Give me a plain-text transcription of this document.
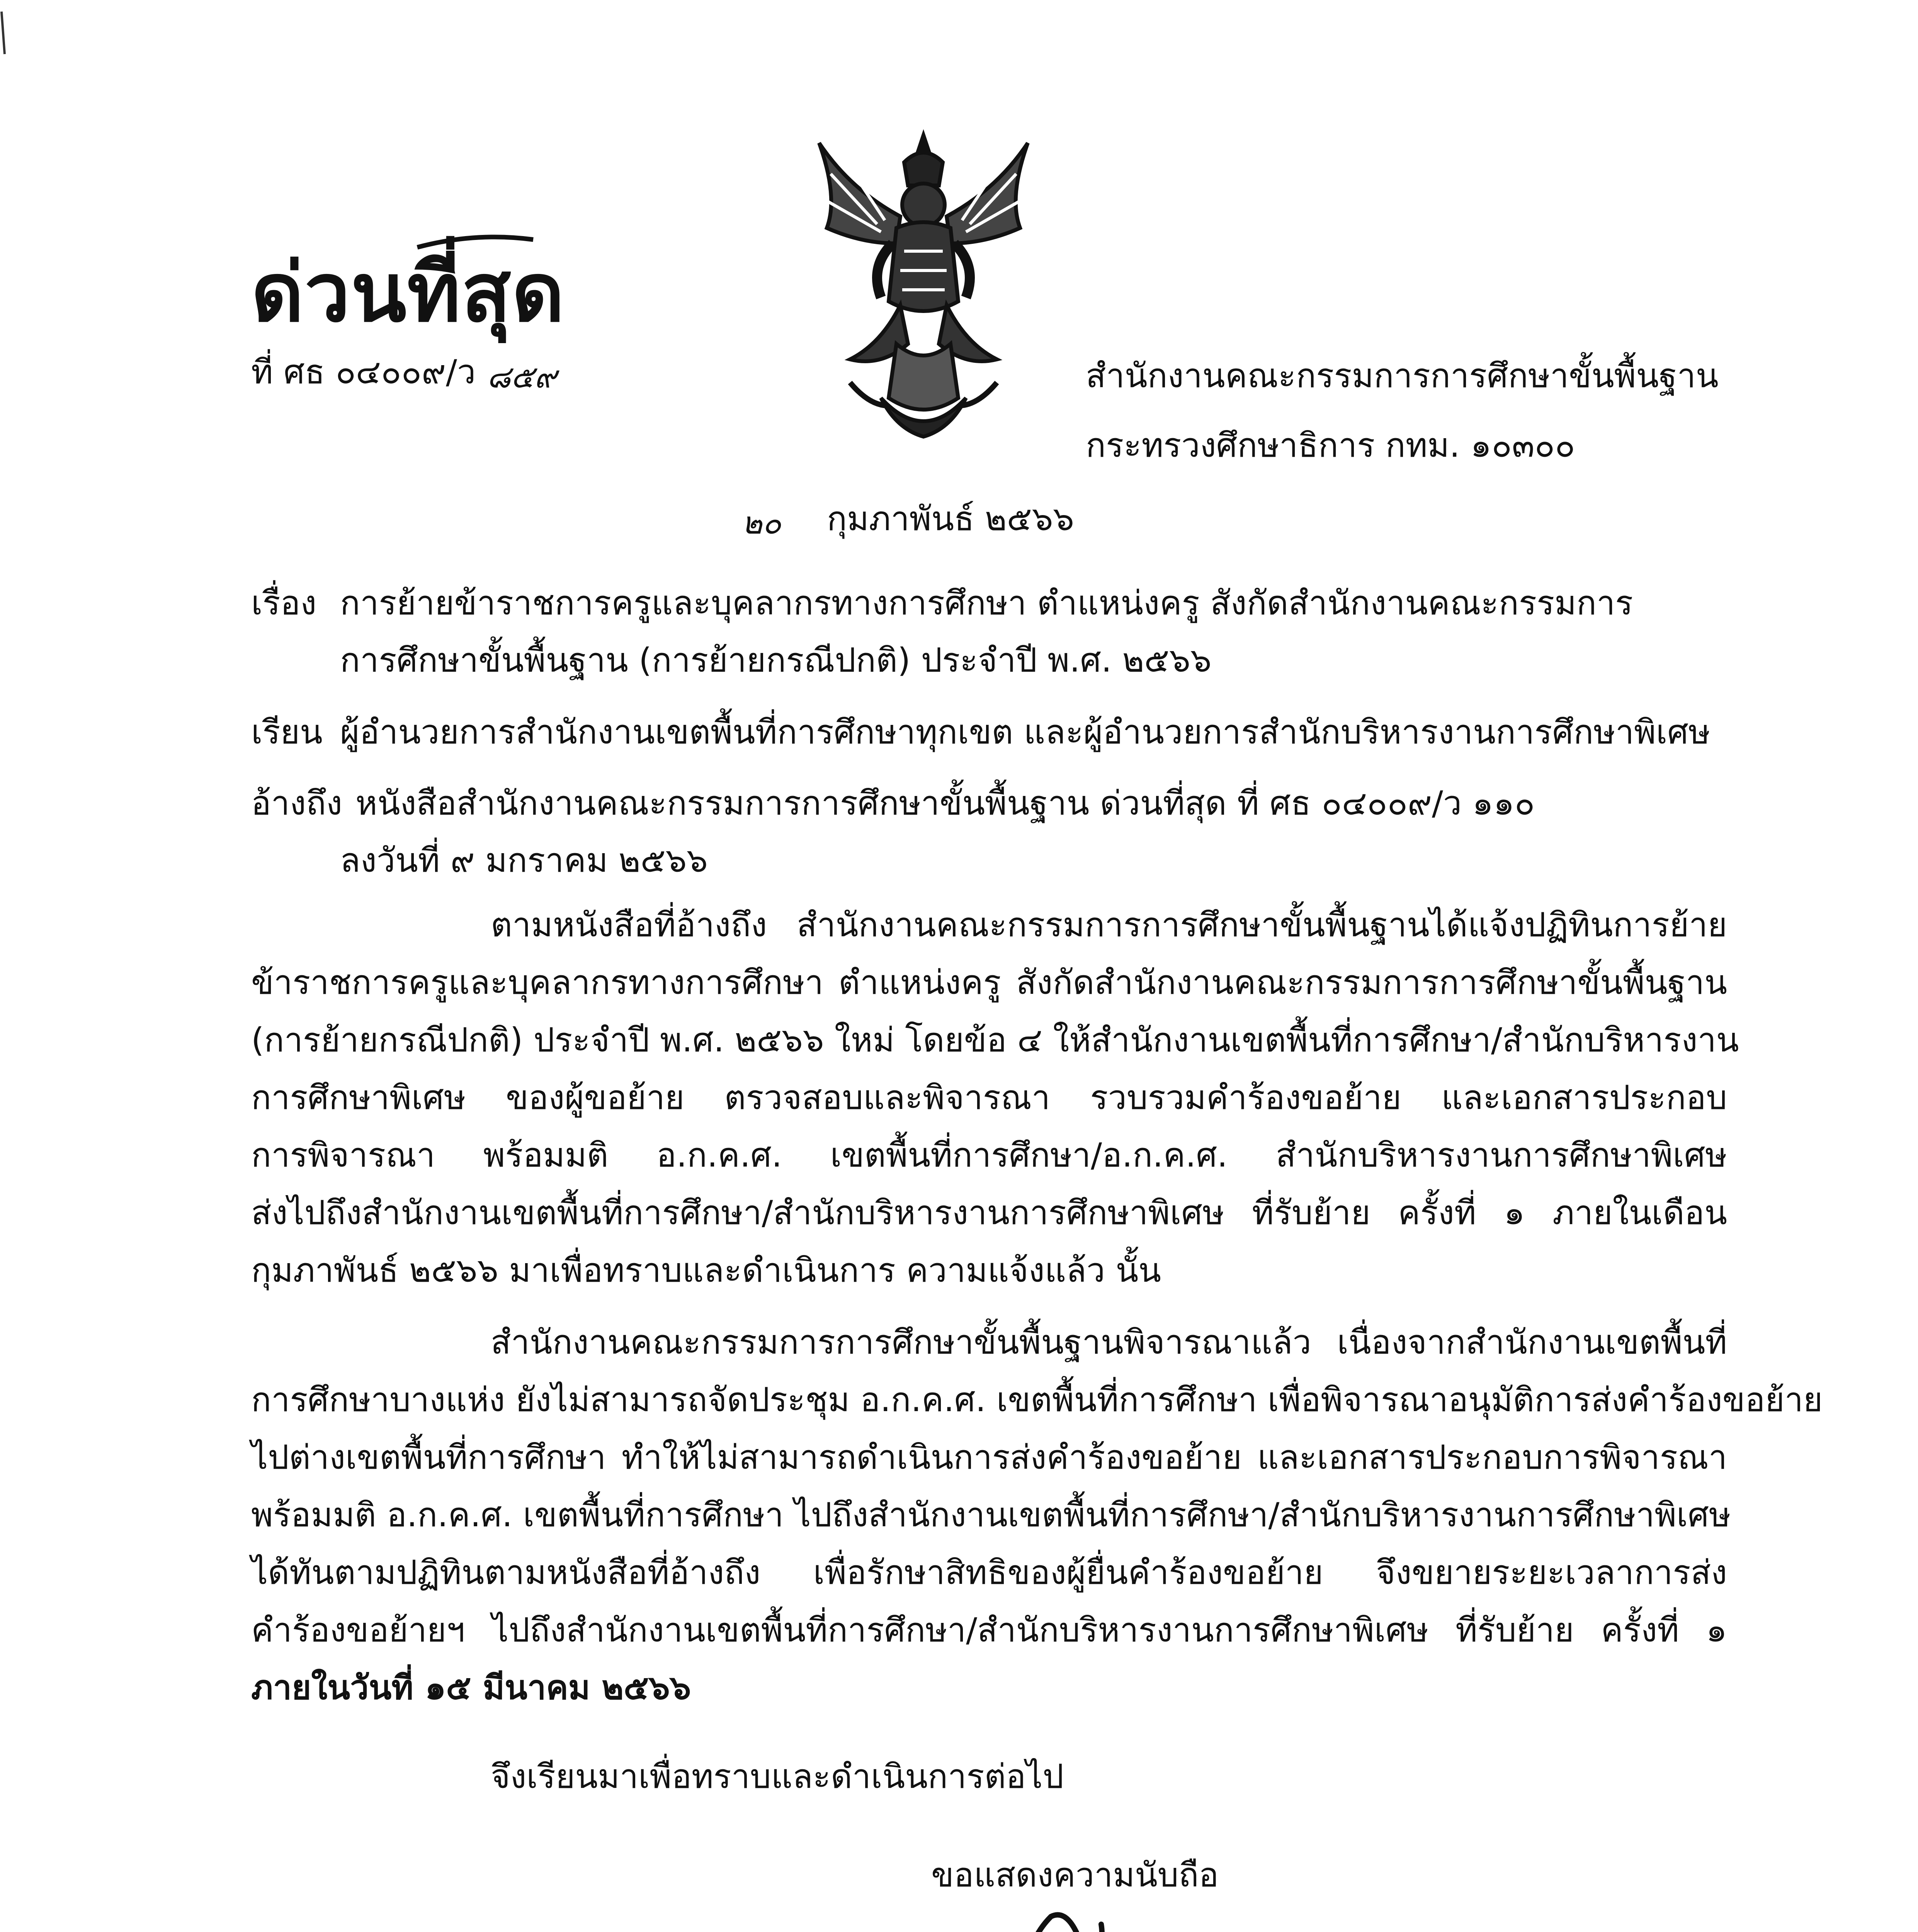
ด่วนที่สุด
ที่ ศธ ๐๔๐๐๙/ว ๘๕๙	สำนักงานคณะกรรมการการศึกษาขั้นพื้นฐาน
กระทรวงศึกษาธิการ กทม. ๑๐๓๐๐
๒๐ กุมภาพันธ์ ๒๕๖๖
เรื่อง การย้ายข้าราชการครูและบุคลากรทางการศึกษา ตำแหน่งครู สังกัดสำนักงานคณะกรรมการ
การศึกษาขั้นพื้นฐาน (การย้ายกรณีปกติ) ประจำปี พ.ศ. ๒๕๖๖
เรียน ผู้อำนวยการสำนักงานเขตพื้นที่การศึกษาทุกเขต และผู้อำนวยการสำนักบริหารงานการศึกษาพิเศษ
อ้างถึง หนังสือสำนักงานคณะกรรมการการศึกษาขั้นพื้นฐาน ด่วนที่สุด ที่ ศธ ๐๔๐๐๙/ว ๑๑๐
ลงวันที่ ๙ มกราคม ๒๕๖๖
ตามหนังสือที่อ้างถึง สำนักงานคณะกรรมการการศึกษาขั้นพื้นฐานได้แจ้งปฏิทินการย้าย
ข้าราชการครูและบุคลากรทางการศึกษา ตำแหน่งครู สังกัดสำนักงานคณะกรรมการการศึกษาขั้นพื้นฐาน
(การย้ายกรณีปกติ) ประจำปี พ.ศ. ๒๕๖๖ ใหม่ โดยข้อ ๔ ให้สำนักงานเขตพื้นที่การศึกษา/สำนักบริหารงาน
การศึกษาพิเศษ ของผู้ขอย้าย ตรวจสอบและพิจารณา รวบรวมคำร้องขอย้าย และเอกสารประกอบ
การพิจารณา พร้อมมติ อ.ก.ค.ศ. เขตพื้นที่การศึกษา/อ.ก.ค.ศ. สำนักบริหารงานการศึกษาพิเศษ
ส่งไปถึงสำนักงานเขตพื้นที่การศึกษา/สำนักบริหารงานการศึกษาพิเศษ ที่รับย้าย ครั้งที่ ๑ ภายในเดือน
กุมภาพันธ์ ๒๕๖๖ มาเพื่อทราบและดำเนินการ ความแจ้งแล้ว นั้น
สำนักงานคณะกรรมการการศึกษาขั้นพื้นฐานพิจารณาแล้ว เนื่องจากสำนักงานเขตพื้นที่
การศึกษาบางแห่ง ยังไม่สามารถจัดประชุม อ.ก.ค.ศ. เขตพื้นที่การศึกษา เพื่อพิจารณาอนุมัติการส่งคำร้องขอย้าย
ไปต่างเขตพื้นที่การศึกษา ทำให้ไม่สามารถดำเนินการส่งคำร้องขอย้าย และเอกสารประกอบการพิจารณา
พร้อมมติ อ.ก.ค.ศ. เขตพื้นที่การศึกษา ไปถึงสำนักงานเขตพื้นที่การศึกษา/สำนักบริหารงานการศึกษาพิเศษ
ได้ทันตามปฏิทินตามหนังสือที่อ้างถึง เพื่อรักษาสิทธิของผู้ยื่นคำร้องขอย้าย จึงขยายระยะเวลาการส่ง
คำร้องขอย้ายฯ ไปถึงสำนักงานเขตพื้นที่การศึกษา/สำนักบริหารงานการศึกษาพิเศษ ที่รับย้าย ครั้งที่ ๑
ภายในวันที่ ๑๕ มีนาคม ๒๕๖๖
จึงเรียนมาเพื่อทราบและดำเนินการต่อไป
ขอแสดงความนับถือ
